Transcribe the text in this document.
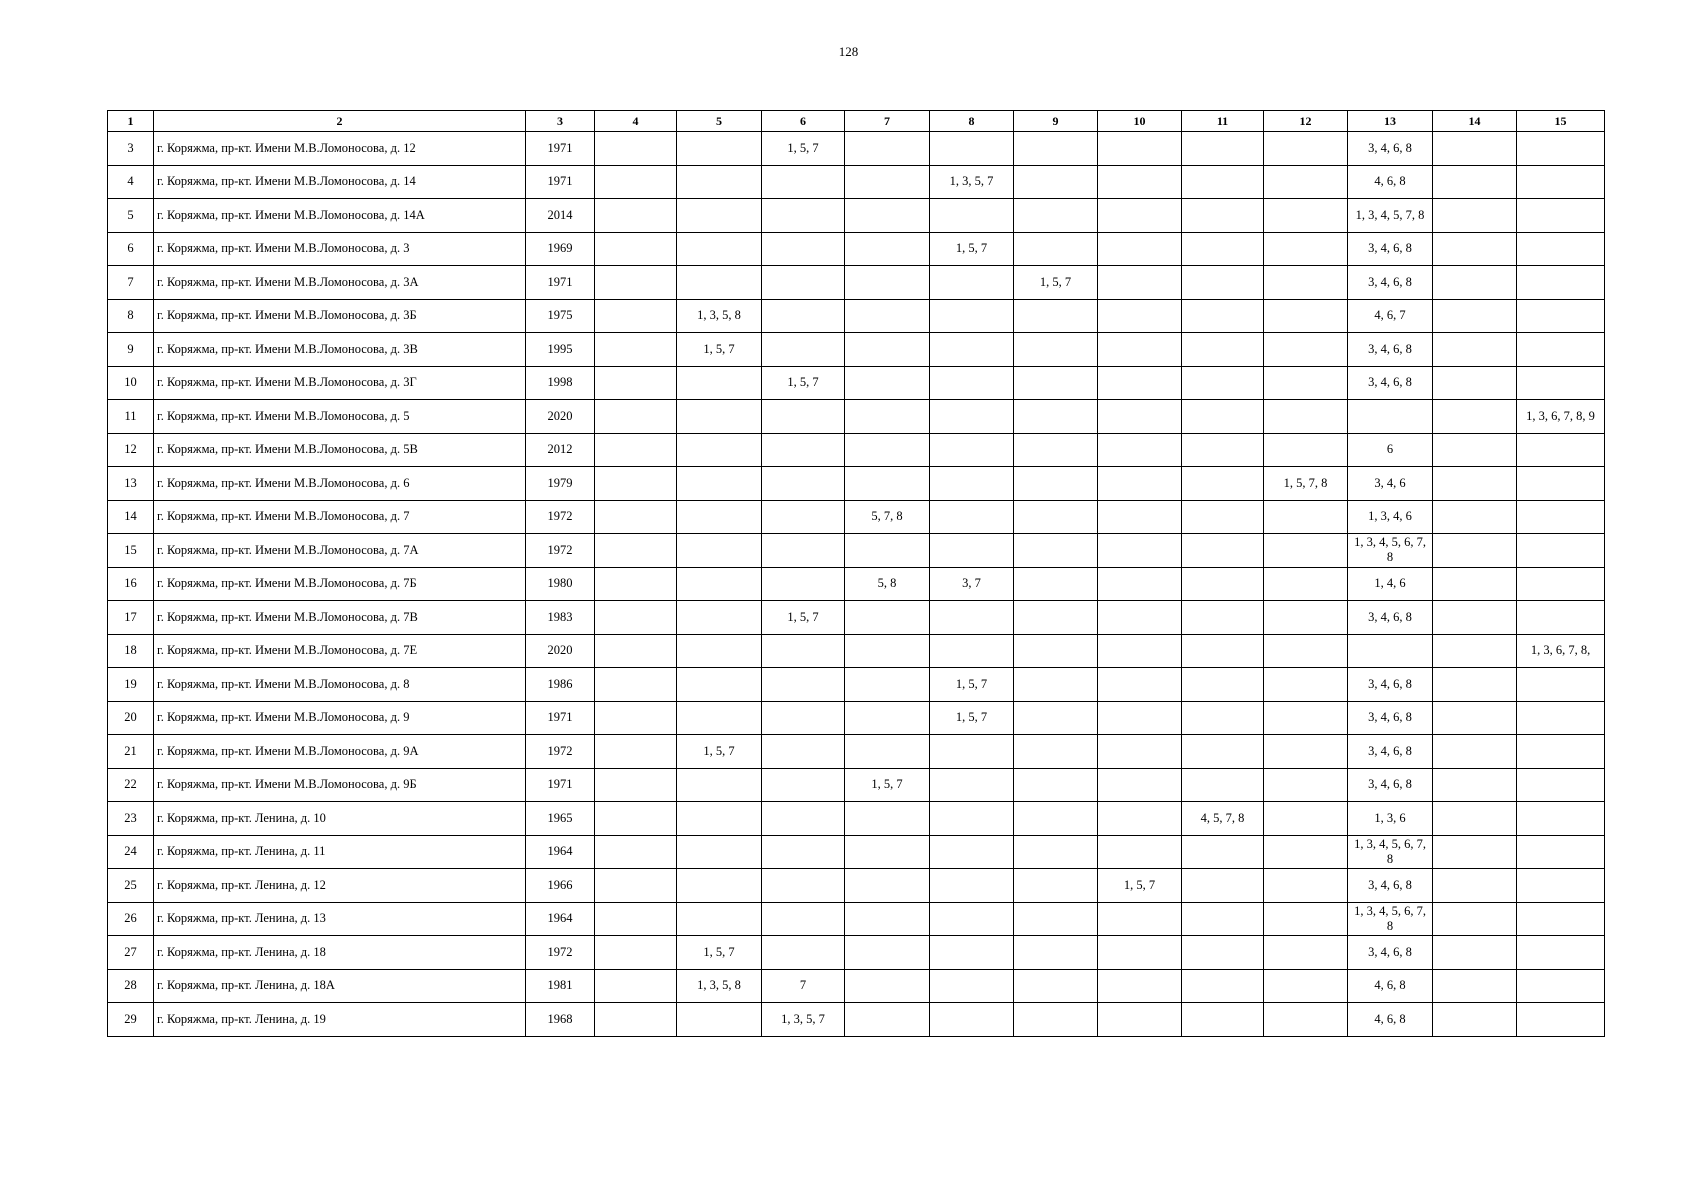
128
1	2	3	4	5	6	7	8	9	10	11	12	13	14	15
3	г. Коряжма, пр-кт. Имени М.В.Ломоносова, д. 12	1971			1, 5, 7							3, 4, 6, 8		
4	г. Коряжма, пр-кт. Имени М.В.Ломоносова, д. 14	1971					1, 3, 5, 7					4, 6, 8		
5	г. Коряжма, пр-кт. Имени М.В.Ломоносова, д. 14А	2014										1, 3, 4, 5, 7, 8		
6	г. Коряжма, пр-кт. Имени М.В.Ломоносова, д. 3	1969					1, 5, 7					3, 4, 6, 8		
7	г. Коряжма, пр-кт. Имени М.В.Ломоносова, д. 3А	1971						1, 5, 7				3, 4, 6, 8		
8	г. Коряжма, пр-кт. Имени М.В.Ломоносова, д. 3Б	1975		1, 3, 5, 8								4, 6, 7		
9	г. Коряжма, пр-кт. Имени М.В.Ломоносова, д. 3В	1995		1, 5, 7								3, 4, 6, 8		
10	г. Коряжма, пр-кт. Имени М.В.Ломоносова, д. 3Г	1998			1, 5, 7							3, 4, 6, 8		
11	г. Коряжма, пр-кт. Имени М.В.Ломоносова, д. 5	2020												1, 3, 6, 7, 8, 9
12	г. Коряжма, пр-кт. Имени М.В.Ломоносова, д. 5В	2012										6		
13	г. Коряжма, пр-кт. Имени М.В.Ломоносова, д. 6	1979									1, 5, 7, 8	3, 4, 6		
14	г. Коряжма, пр-кт. Имени М.В.Ломоносова, д. 7	1972				5, 7, 8						1, 3, 4, 6		
15	г. Коряжма, пр-кт. Имени М.В.Ломоносова, д. 7А	1972										1, 3, 4, 5, 6, 7, 8		
16	г. Коряжма, пр-кт. Имени М.В.Ломоносова, д. 7Б	1980				5, 8	3, 7					1, 4, 6		
17	г. Коряжма, пр-кт. Имени М.В.Ломоносова, д. 7В	1983			1, 5, 7							3, 4, 6, 8		
18	г. Коряжма, пр-кт. Имени М.В.Ломоносова, д. 7Е	2020												1, 3, 6, 7, 8,
19	г. Коряжма, пр-кт. Имени М.В.Ломоносова, д. 8	1986					1, 5, 7					3, 4, 6, 8		
20	г. Коряжма, пр-кт. Имени М.В.Ломоносова, д. 9	1971					1, 5, 7					3, 4, 6, 8		
21	г. Коряжма, пр-кт. Имени М.В.Ломоносова, д. 9А	1972		1, 5, 7								3, 4, 6, 8		
22	г. Коряжма, пр-кт. Имени М.В.Ломоносова, д. 9Б	1971				1, 5, 7						3, 4, 6, 8		
23	г. Коряжма, пр-кт. Ленина, д. 10	1965								4, 5, 7, 8		1, 3, 6		
24	г. Коряжма, пр-кт. Ленина, д. 11	1964										1, 3, 4, 5, 6, 7, 8		
25	г. Коряжма, пр-кт. Ленина, д. 12	1966							1, 5, 7			3, 4, 6, 8		
26	г. Коряжма, пр-кт. Ленина, д. 13	1964										1, 3, 4, 5, 6, 7, 8		
27	г. Коряжма, пр-кт. Ленина, д. 18	1972		1, 5, 7								3, 4, 6, 8		
28	г. Коряжма, пр-кт. Ленина, д. 18А	1981		1, 3, 5, 8	7							4, 6, 8		
29	г. Коряжма, пр-кт. Ленина, д. 19	1968			1, 3, 5, 7							4, 6, 8		
